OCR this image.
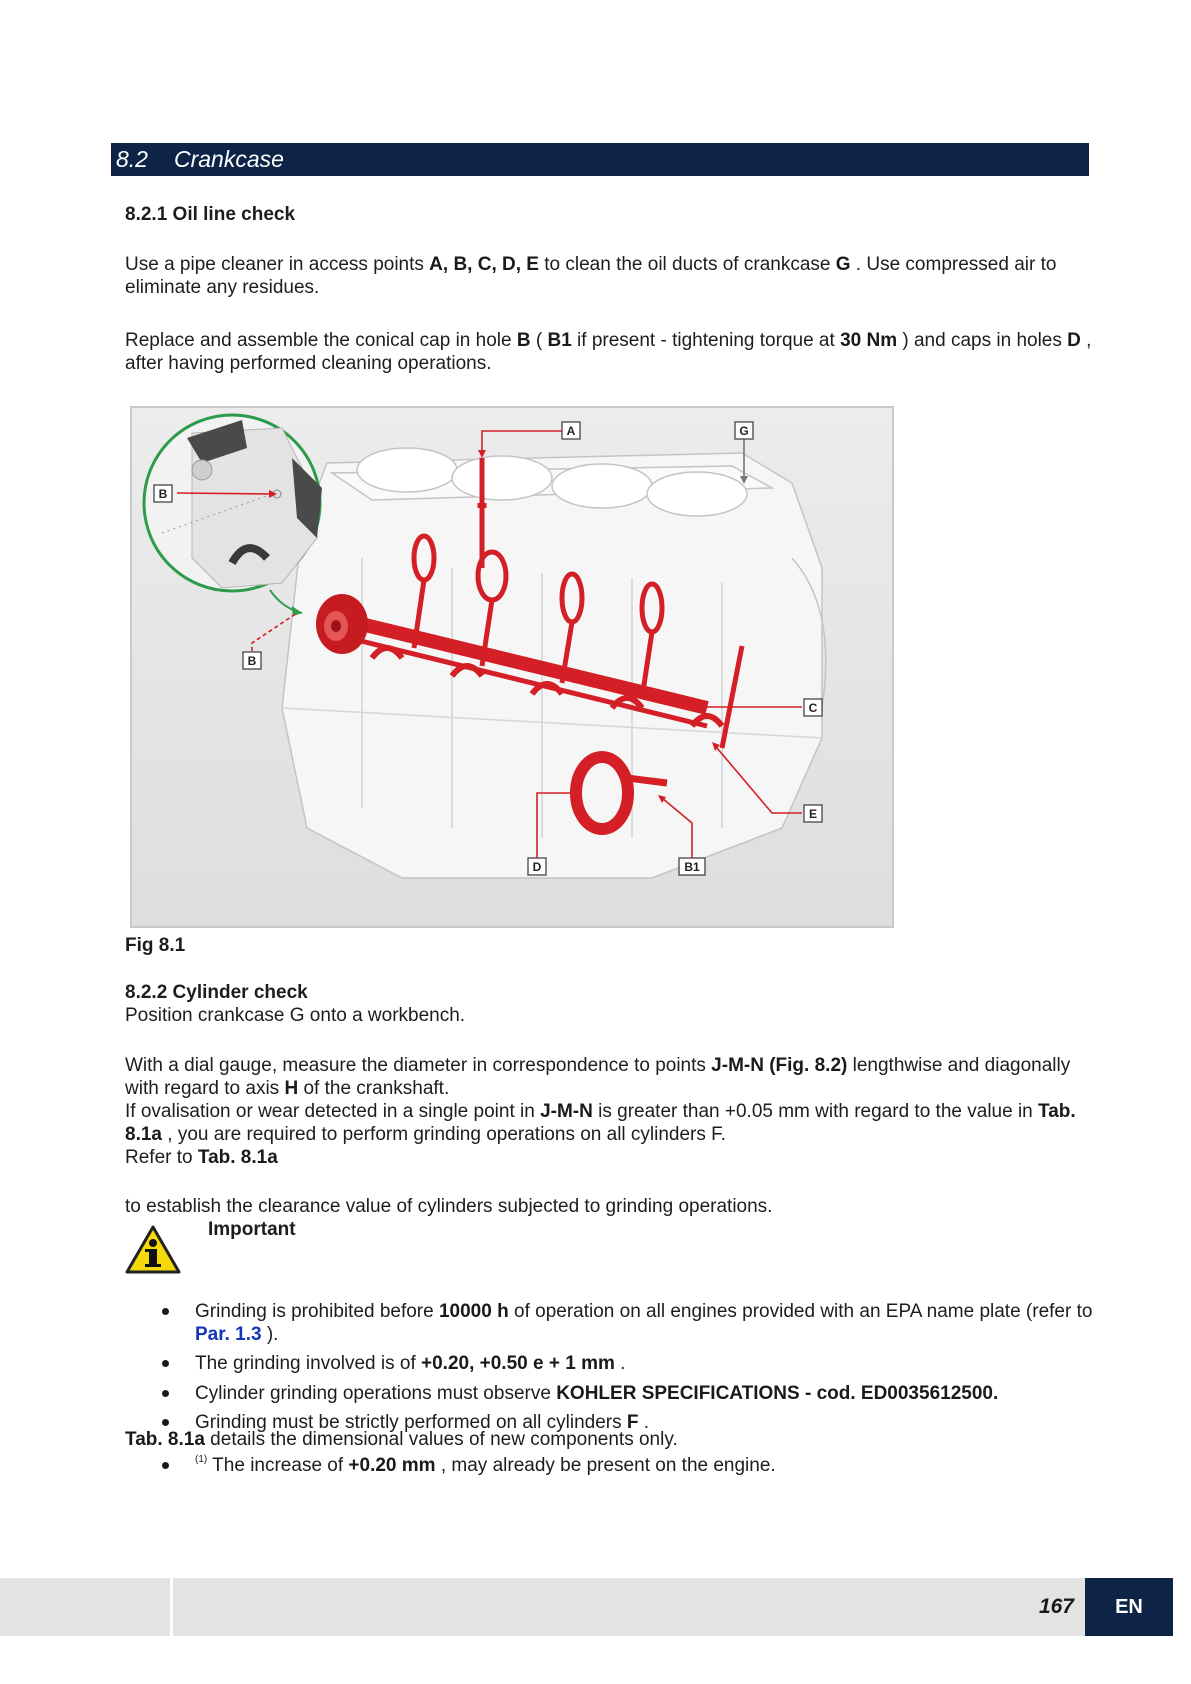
8.2 Crankcase
8.2.1 Oil line check
Use a pipe cleaner in access points A, B, C, D, E to clean the oil ducts of crankcase G . Use compressed air to eliminate any residues.
Replace and assemble the conical cap in hole B ( B1 if present - tightening torque at 30 Nm ) and caps in holes D , after having performed cleaning operations.
A	G
B
B
C
E
D	B1
Fig 8.1
8.2.2 Cylinder check
Position crankcase G onto a workbench.
With a dial gauge, measure the diameter in correspondence to points J-M-N (Fig. 8.2) lengthwise and diagonally with regard to axis H of the crankshaft.
If ovalisation or wear detected in a single point in J-M-N is greater than +0.05 mm with regard to the value in Tab. 8.1a , you are required to perform grinding operations on all cylinders F.
Refer to Tab. 8.1a
to establish the clearance value of cylinders subjected to grinding operations.
Important
Grinding is prohibited before 10000 h of operation on all engines provided with an EPA name plate (refer to Par. 1.3 ).
The grinding involved is of +0.20, +0.50 e + 1 mm .
Cylinder grinding operations must observe KOHLER SPECIFICATIONS - cod. ED0035612500.
Grinding must be strictly performed on all cylinders F .
Tab. 8.1a details the dimensional values of new components only.
$^{(1)}$ The increase of +0.20 mm , may already be present on the engine.
167	EN
